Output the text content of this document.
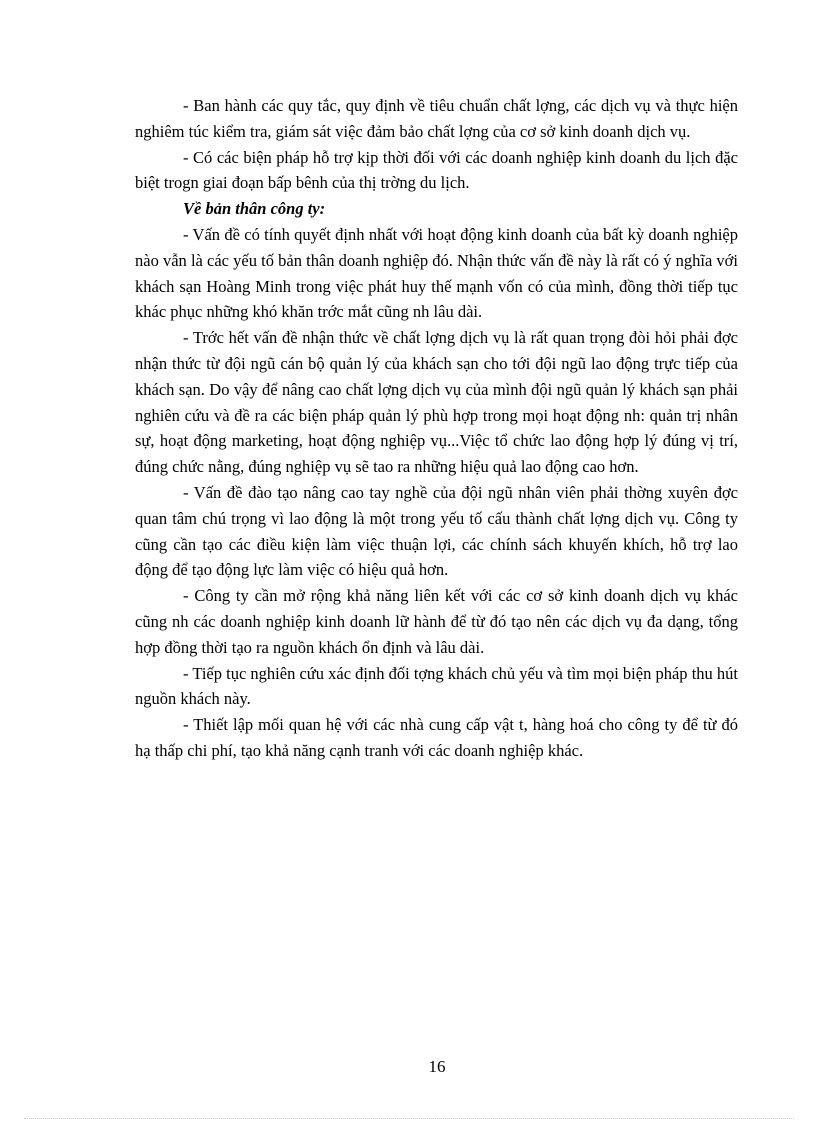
- Ban hành các quy tắc, quy định về tiêu chuẩn chất lợng, các dịch vụ và thực hiện nghiêm túc kiểm tra, giám sát việc đảm bảo chất lợng của cơ sở kinh doanh dịch vụ.

- Có các biện pháp hỗ trợ kịp thời đối với các doanh nghiệp kinh doanh du lịch đặc biệt trogn giai đoạn bấp bênh của thị trờng du lịch.

Về bản thân công ty:

- Vấn đề có tính quyết định nhất với hoạt động kinh doanh của bất kỳ doanh nghiệp nào vẫn là các yếu tố bản thân doanh nghiệp đó. Nhận thức vấn đề này là rất có ý nghĩa với khách sạn Hoàng Minh trong việc phát huy thế mạnh vốn có của mình, đồng thời tiếp tục khác phục những khó khăn trớc mắt cũng nh lâu dài.

- Trớc hết vấn đề nhận thức về chất lợng dịch vụ là rất quan trọng đòi hỏi phải đợc nhận thức từ đội ngũ cán bộ quản lý của khách sạn cho tới đội ngũ lao động trực tiếp của khách sạn. Do vậy để nâng cao chất lợng dịch vụ của mình đội ngũ quản lý khách sạn phải nghiên cứu và đề ra các biện pháp quản lý phù hợp trong mọi hoạt động nh: quản trị nhân sự, hoạt động marketing, hoạt động nghiệp vụ...Việc tổ chức lao động hợp lý đúng vị trí, đúng chức nằng, đúng nghiệp vụ sẽ tao ra những hiệu quả lao động cao hơn.

- Vấn đề đào tạo nâng cao tay nghề của đội ngũ nhân viên phải thờng xuyên đợc quan tâm chú trọng vì lao động là một trong yếu tố cấu thành chất lợng dịch vụ. Công ty cũng cần tạo các điều kiện làm việc thuận lợi, các chính sách khuyến khích, hỗ trợ lao động để tạo động lực làm việc có hiệu quả hơn.

- Công ty cần mở rộng khả năng liên kết với các cơ sở kinh doanh dịch vụ khác cũng nh các doanh nghiệp kinh doanh lữ hành để từ đó tạo nên các dịch vụ đa dạng, tổng hợp đồng thời tạo ra nguồn khách ổn định và lâu dài.

- Tiếp tục nghiên cứu xác định đối tợng khách chủ yếu và tìm mọi biện pháp thu hút nguồn khách này.

- Thiết lập mối quan hệ với các nhà cung cấp vật t, hàng hoá cho công ty để từ đó hạ thấp chi phí, tạo khả năng cạnh tranh với các doanh nghiệp khác.

16
